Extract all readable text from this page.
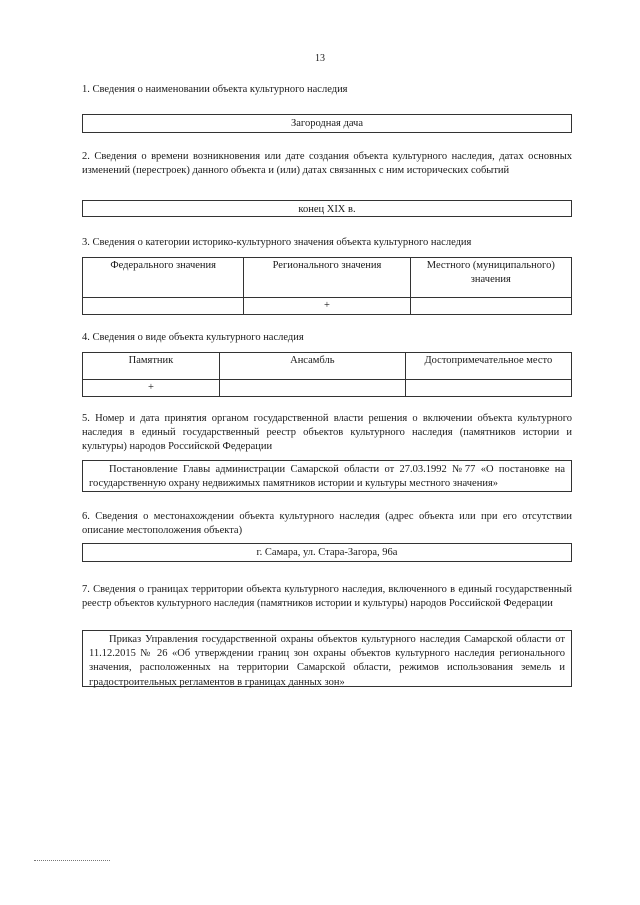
13
1. Сведения о наименовании объекта культурного наследия
Загородная дача
2. Сведения о времени возникновения или дате создания объекта культурного наследия, датах основных изменений (перестроек) данного объекта и (или) датах связанных с ним исторических событий
конец XIX в.
3. Сведения о категории историко-культурного значения объекта культурного наследия
Федерального значения	Регионального значения	Местного (муниципального) значения
	+	
4. Сведения о виде объекта культурного наследия
Памятник	Ансамбль	Достопримечательное место
+		
5. Номер и дата принятия органом государственной власти решения о включении объекта культурного наследия в единый государственный реестр объектов культурного наследия (памятников истории и культуры) народов Российской Федерации
Постановление Главы администрации Самарской области от 27.03.1992 №77 «О постановке на государственную охрану недвижимых памятников истории и культуры местного значения»
6. Сведения о местонахождении объекта культурного наследия (адрес объекта или при его отсутствии описание местоположения объекта)
г. Самара, ул. Стара-Загора, 96а
7. Сведения о границах территории объекта культурного наследия, включенного в единый государственный реестр объектов культурного наследия (памятников истории и культуры) народов Российской Федерации
Приказ Управления государственной охраны объектов культурного наследия Самарской области от 11.12.2015 № 26 «Об утверждении границ зон охраны объектов культурного наследия регионального значения, расположенных на территории Самарской области, режимов использования земель и градостроительных регламентов в границах данных зон»
